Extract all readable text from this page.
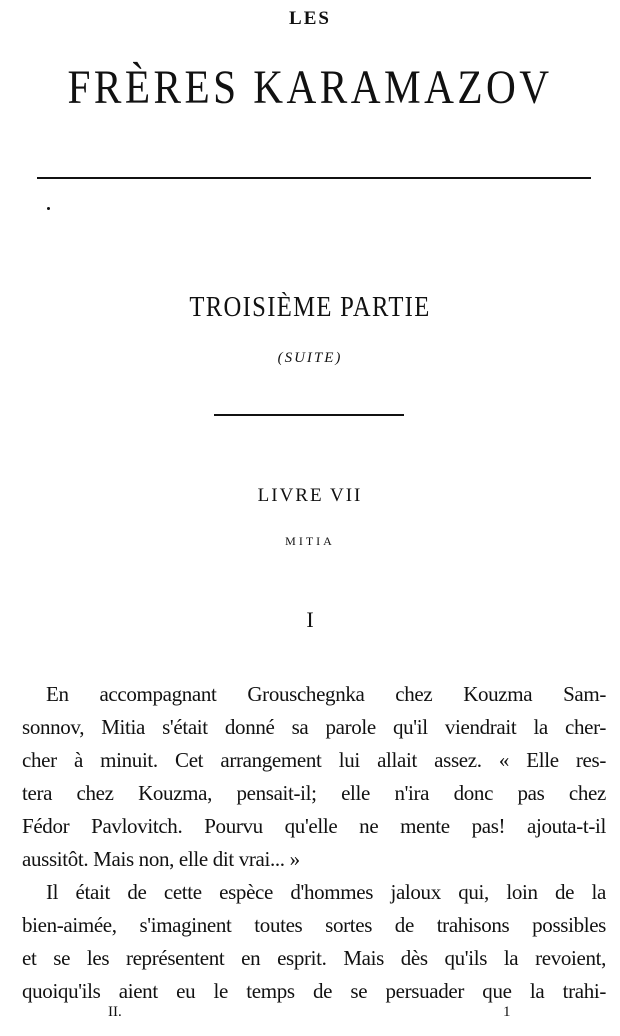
LES
FRÈRES KARAMAZOV
TROISIÈME PARTIE
(SUITE)
LIVRE VII
MITIA
I
En accompagnant Grouschegnka chez Kouzma Sam-
sonnov, Mitia s'était donné sa parole qu'il viendrait la cher-
cher à minuit. Cet arrangement lui allait assez. « Elle res-
tera chez Kouzma, pensait-il; elle n'ira donc pas chez
Fédor Pavlovitch. Pourvu qu'elle ne mente pas! ajouta-t-il
aussitôt. Mais non, elle dit vrai... »
Il était de cette espèce d'hommes jaloux qui, loin de la
bien-aimée, s'imaginent toutes sortes de trahisons possibles
et se les représentent en esprit. Mais dès qu'ils la revoient,
quoiqu'ils aient eu le temps de se persuader que la trahi-
II.	1
